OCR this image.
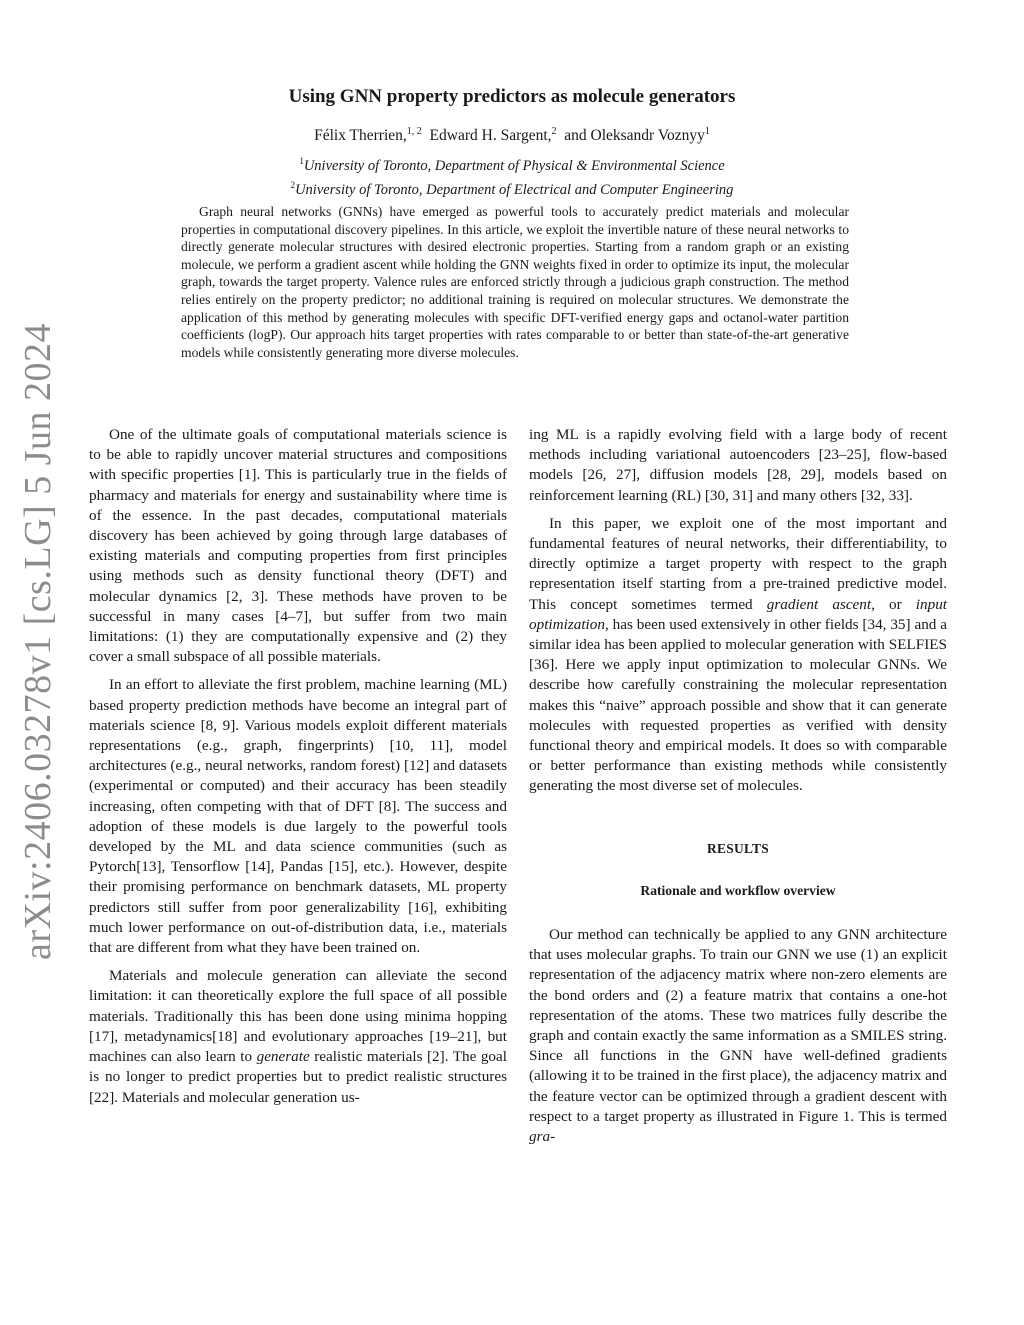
arXiv:2406.03278v1 [cs.LG] 5 Jun 2024
Using GNN property predictors as molecule generators
Félix Therrien,$^{1, 2}$ Edward H. Sargent,$^2$ and Oleksandr Voznyy$^1$
$^1$University of Toronto, Department of Physical & Environmental Science
$^2$University of Toronto, Department of Electrical and Computer Engineering

Graph neural networks (GNNs) have emerged as powerful tools to accurately predict materials and molecular properties in computational discovery pipelines. In this article, we exploit the invertible nature of these neural networks to directly generate molecular structures with desired electronic properties. Starting from a random graph or an existing molecule, we perform a gradient ascent while holding the GNN weights fixed in order to optimize its input, the molecular graph, towards the target property. Valence rules are enforced strictly through a judicious graph construction. The method relies entirely on the property predictor; no additional training is required on molecular structures. We demonstrate the application of this method by generating molecules with specific DFT-verified energy gaps and octanol-water partition coefficients (logP). Our approach hits target properties with rates comparable to or better than state-of-the-art generative models while consistently generating more diverse molecules.

One of the ultimate goals of computational materials science is to be able to rapidly uncover material structures and compositions with specific properties [1]. This is particularly true in the fields of pharmacy and materials for energy and sustainability where time is of the essence. In the past decades, computational materials discovery has been achieved by going through large databases of existing materials and computing properties from first principles using methods such as density functional theory (DFT) and molecular dynamics [2, 3]. These methods have proven to be successful in many cases [4–7], but suffer from two main limitations: (1) they are computationally expensive and (2) they cover a small subspace of all possible materials.

In an effort to alleviate the first problem, machine learning (ML) based property prediction methods have become an integral part of materials science [8, 9]. Various models exploit different materials representations (e.g., graph, fingerprints) [10, 11], model architectures (e.g., neural networks, random forest) [12] and datasets (experimental or computed) and their accuracy has been steadily increasing, often competing with that of DFT [8]. The success and adoption of these models is due largely to the powerful tools developed by the ML and data science communities (such as Pytorch[13], Tensorflow [14], Pandas [15], etc.). However, despite their promising performance on benchmark datasets, ML property predictors still suffer from poor generalizability [16], exhibiting much lower performance on out-of-distribution data, i.e., materials that are different from what they have been trained on.

Materials and molecule generation can alleviate the second limitation: it can theoretically explore the full space of all possible materials. Traditionally this has been done using minima hopping [17], metadynamics[18] and evolutionary approaches [19–21], but machines can also learn to generate realistic materials [2]. The goal is no longer to predict properties but to predict realistic structures [22]. Materials and molecular generation us-

ing ML is a rapidly evolving field with a large body of recent methods including variational autoencoders [23–25], flow-based models [26, 27], diffusion models [28, 29], models based on reinforcement learning (RL) [30, 31] and many others [32, 33].

In this paper, we exploit one of the most important and fundamental features of neural networks, their differentiability, to directly optimize a target property with respect to the graph representation itself starting from a pre-trained predictive model. This concept sometimes termed gradient ascent, or input optimization, has been used extensively in other fields [34, 35] and a similar idea has been applied to molecular generation with SELFIES [36]. Here we apply input optimization to molecular GNNs. We describe how carefully constraining the molecular representation makes this “naive” approach possible and show that it can generate molecules with requested properties as verified with density functional theory and empirical models. It does so with comparable or better performance than existing methods while consistently generating the most diverse set of molecules.

RESULTS
Rationale and workflow overview

Our method can technically be applied to any GNN architecture that uses molecular graphs. To train our GNN we use (1) an explicit representation of the adjacency matrix where non-zero elements are the bond orders and (2) a feature matrix that contains a one-hot representation of the atoms. These two matrices fully describe the graph and contain exactly the same information as a SMILES string. Since all functions in the GNN have well-defined gradients (allowing it to be trained in the first place), the adjacency matrix and the feature vector can be optimized through a gradient descent with respect to a target property as illustrated in Figure 1. This is termed gra-
